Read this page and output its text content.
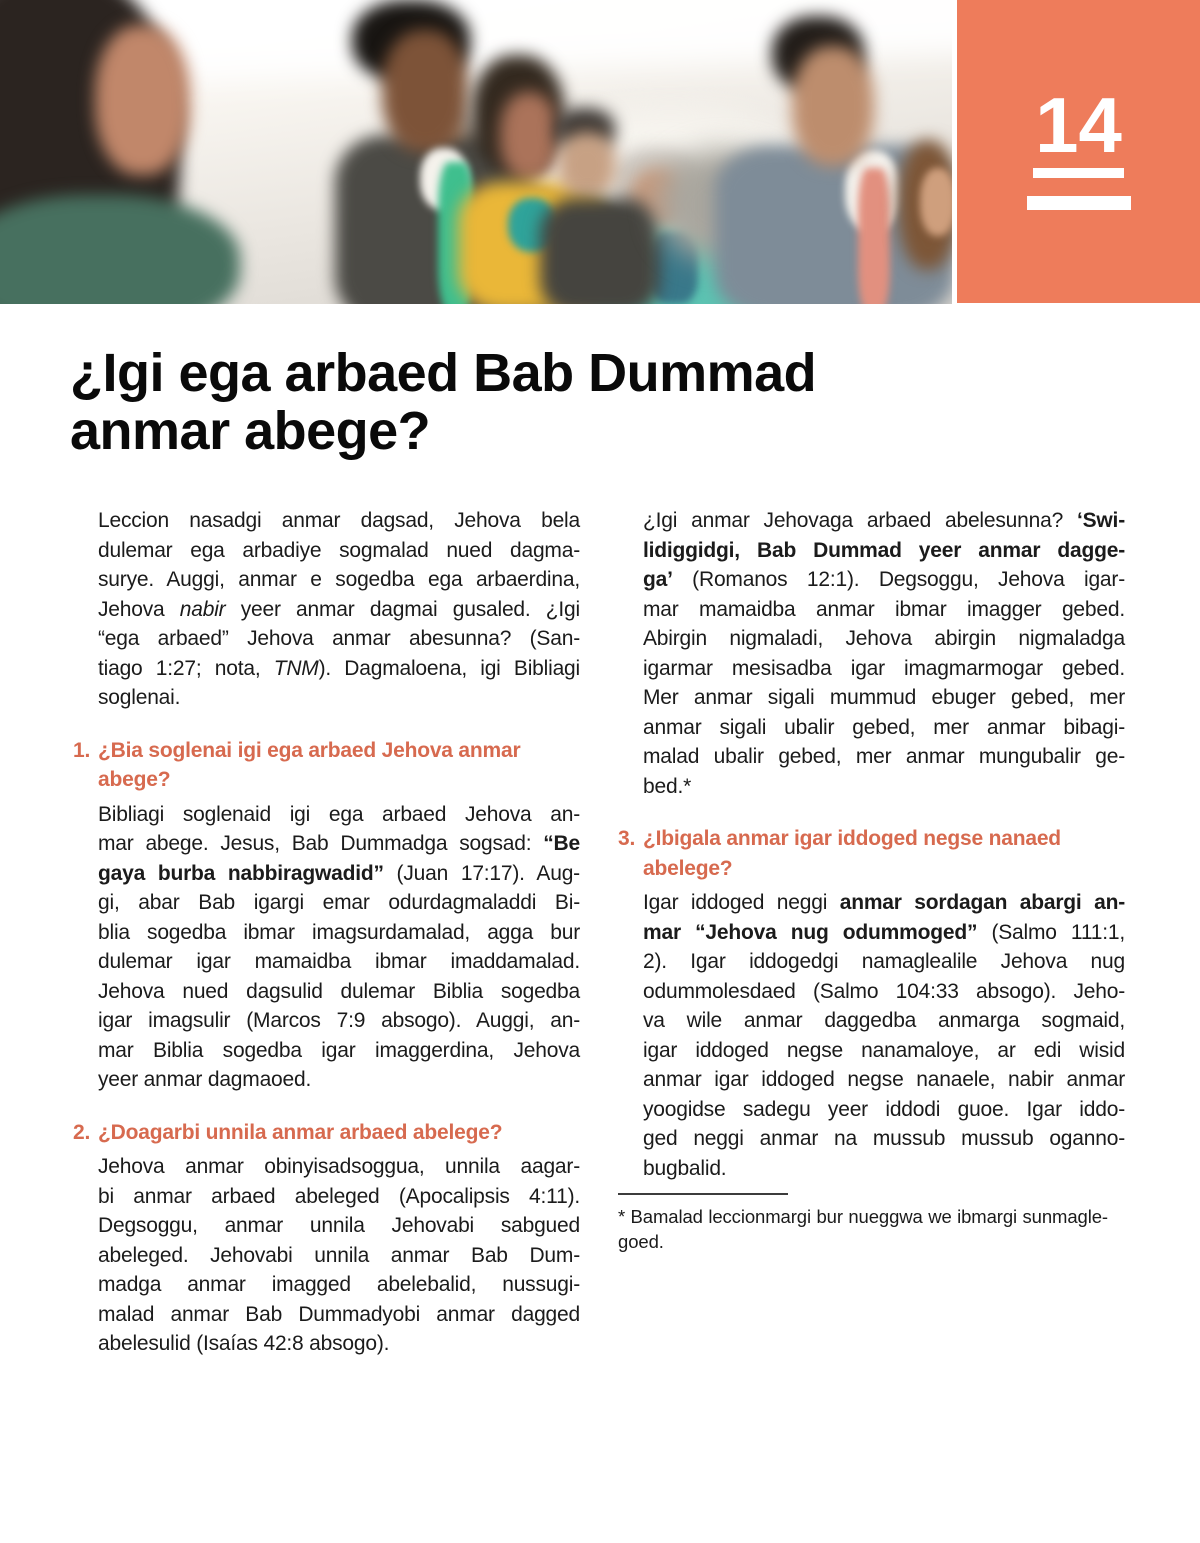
14
¿Igi ega arbaed Bab Dummad
anmar abege?
Leccion nasadgi anmar dagsad, Jehova bela
dulemar ega arbadiye sogmalad nued dagma-
surye. Auggi, anmar e sogedba ega arbaerdina,
Jehova nabir yeer anmar dagmai gusaled. ¿Igi
“ega arbaed” Jehova anmar abesunna? (San-
tiago 1:27; nota, TNM). Dagmaloena, igi Bibliagi
soglenai.
1. ¿Bia soglenai igi ega arbaed Jehova anmar
abege?
Bibliagi soglenaid igi ega arbaed Jehova an-
mar abege. Jesus, Bab Dummadga sogsad: “Be
gaya burba nabbiragwadid” (Juan 17:17). Aug-
gi, abar Bab igargi emar odurdagmaladdi Bi-
blia sogedba ibmar imagsurdamalad, agga bur
dulemar igar mamaidba ibmar imaddamalad.
Jehova nued dagsulid dulemar Biblia sogedba
igar imagsulir (Marcos 7:9 absogo). Auggi, an-
mar Biblia sogedba igar imaggerdina, Jehova
yeer anmar dagmaoed.
2. ¿Doagarbi unnila anmar arbaed abelege?
Jehova anmar obinyisadsoggua, unnila aagar-
bi anmar arbaed abeleged (Apocalipsis 4:11).
Degsoggu, anmar unnila Jehovabi sabgued
abeleged. Jehovabi unnila anmar Bab Dum-
madga anmar imagged abelebalid, nussugi-
malad anmar Bab Dummadyobi anmar dagged
abelesulid (Isaías 42:8 absogo).
¿Igi anmar Jehovaga arbaed abelesunna? ‘Swi-
lidiggidgi, Bab Dummad yeer anmar dagge-
ga’ (Romanos 12:1). Degsoggu, Jehova igar-
mar mamaidba anmar ibmar imagger gebed.
Abirgin nigmaladi, Jehova abirgin nigmaladga
igarmar mesisadba igar imagmarmogar gebed.
Mer anmar sigali mummud ebuger gebed, mer
anmar sigali ubalir gebed, mer anmar bibagi-
malad ubalir gebed, mer anmar mungubalir ge-
bed.*
3. ¿Ibigala anmar igar iddoged negse nanaed
abelege?
Igar iddoged neggi anmar sordagan abargi an-
mar “Jehova nug odummoged” (Salmo 111:1,
2). Igar iddogedgi namaglealile Jehova nug
odummolesdaed (Salmo 104:33 absogo). Jeho-
va wile anmar daggedba anmarga sogmaid,
igar iddoged negse nanamaloye, ar edi wisid
anmar igar iddoged negse nanaele, nabir anmar
yoogidse sadegu yeer iddodi guoe. Igar iddo-
ged neggi anmar na mussub mussub oganno-
bugbalid.
* Bamalad leccionmargi bur nueggwa we ibmargi sunmagle-
goed.
